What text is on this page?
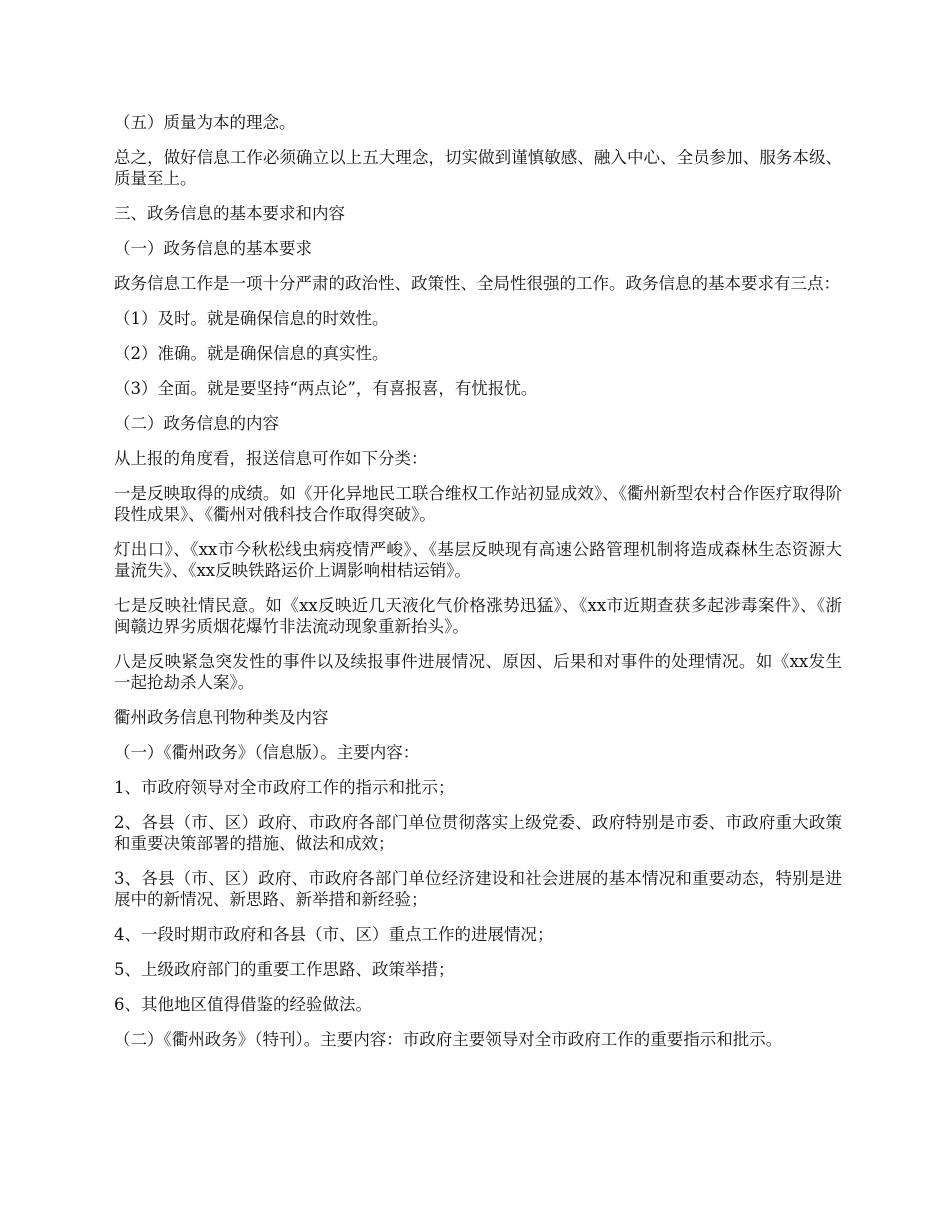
（五）质量为本的理念。

总之，做好信息工作必须确立以上五大理念，切实做到谨慎敏感、融入中心、全员参加、服务本级、质量至上。

三、政务信息的基本要求和内容

（一）政务信息的基本要求

政务信息工作是一项十分严肃的政治性、政策性、全局性很强的工作。政务信息的基本要求有三点：

（1）及时。就是确保信息的时效性。

（2）准确。就是确保信息的真实性。

（3）全面。就是要坚持“两点论”，有喜报喜，有忧报忧。

（二）政务信息的内容

从上报的角度看，报送信息可作如下分类：

一是反映取得的成绩。如《开化异地民工联合维权工作站初显成效》、《衢州新型农村合作医疗取得阶段性成果》、《衢州对俄科技合作取得突破》。

灯出口》、《xx市今秋松线虫病疫情严峻》、《基层反映现有高速公路管理机制将造成森林生态资源大量流失》、《xx反映铁路运价上调影响柑桔运销》。

七是反映社情民意。如《xx反映近几天液化气价格涨势迅猛》、《xx市近期查获多起涉毒案件》、《浙闽赣边界劣质烟花爆竹非法流动现象重新抬头》。

八是反映紧急突发性的事件以及续报事件进展情况、原因、后果和对事件的处理情况。如《xx发生一起抢劫杀人案》。

衢州政务信息刊物种类及内容

（一）《衢州政务》（信息版）。主要内容：

1、市政府领导对全市政府工作的指示和批示；

2、各县（市、区）政府、市政府各部门单位贯彻落实上级党委、政府特别是市委、市政府重大政策和重要决策部署的措施、做法和成效；

3、各县（市、区）政府、市政府各部门单位经济建设和社会进展的基本情况和重要动态，特别是进展中的新情况、新思路、新举措和新经验；

4、一段时期市政府和各县（市、区）重点工作的进展情况；

5、上级政府部门的重要工作思路、政策举措；

6、其他地区值得借鉴的经验做法。

（二）《衢州政务》（特刊）。主要内容：市政府主要领导对全市政府工作的重要指示和批示。
